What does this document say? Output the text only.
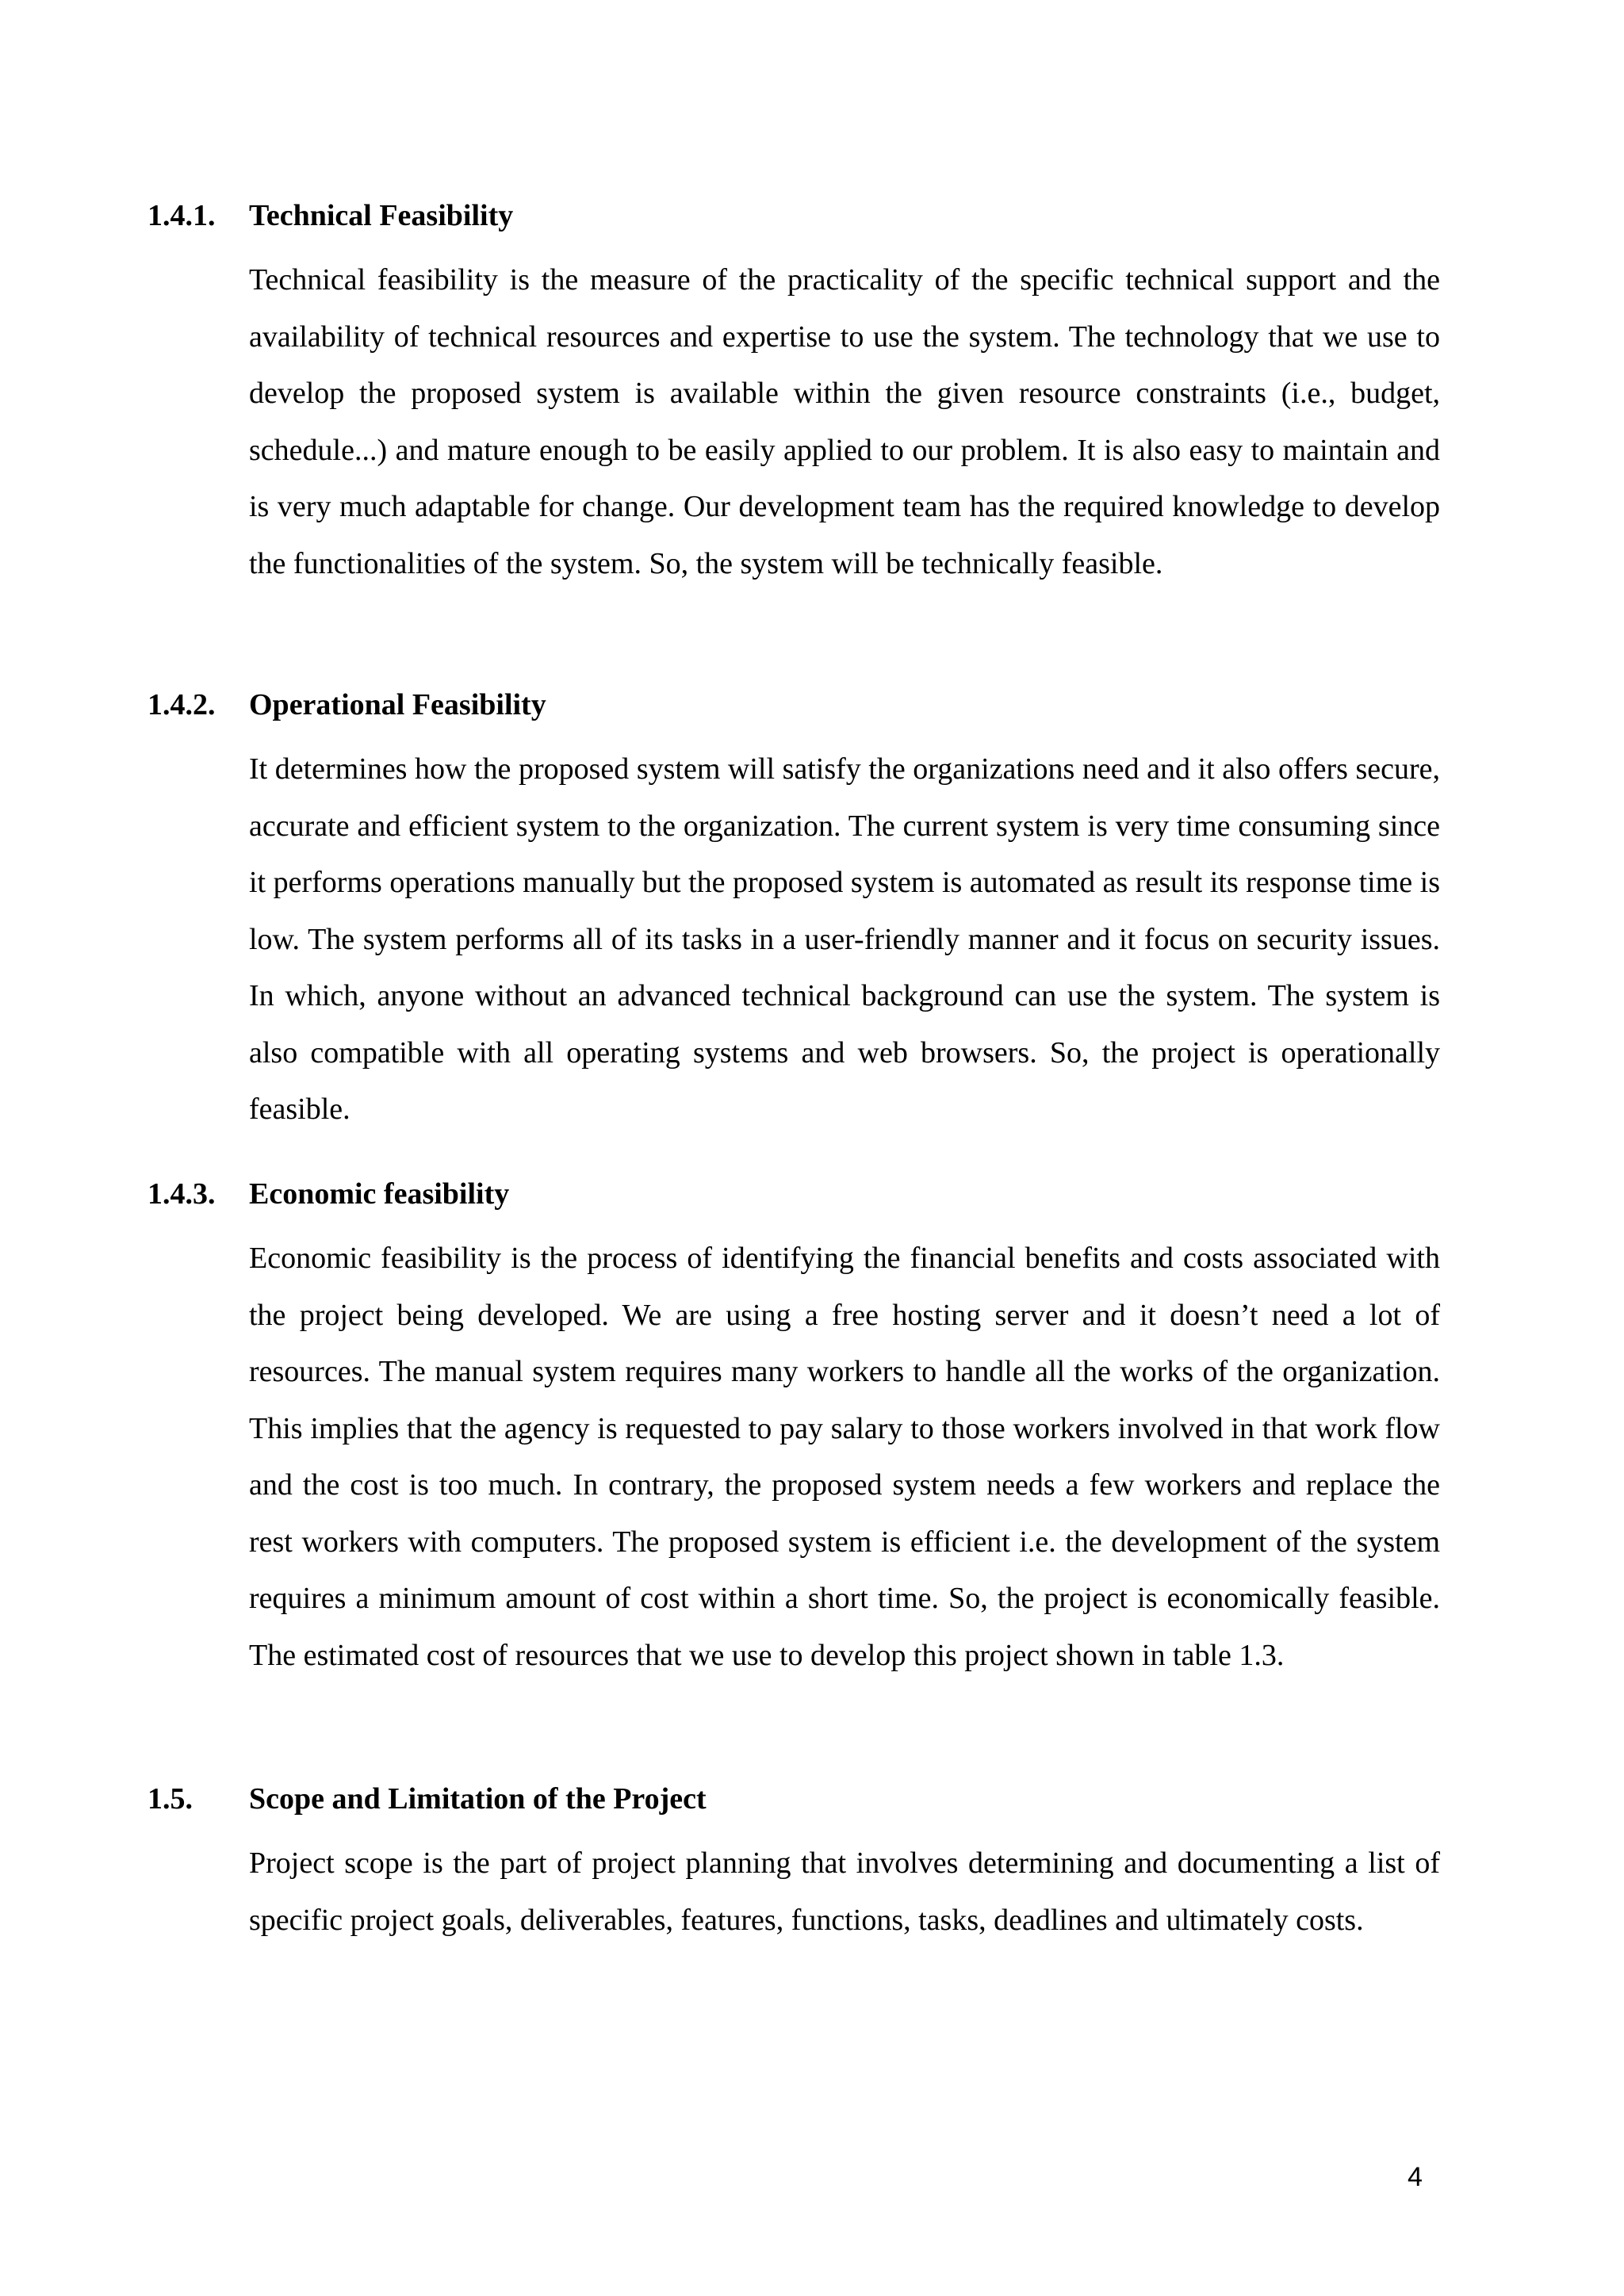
1.4.1.	Technical Feasibility

Technical feasibility is the measure of the practicality of the specific technical support and the availability of technical resources and expertise to use the system. The technology that we use to develop the proposed system is available within the given resource constraints (i.e., budget, schedule...) and mature enough to be easily applied to our problem. It is also easy to maintain and is very much adaptable for change. Our development team has the required knowledge to develop the functionalities of the system. So, the system will be technically feasible.

1.4.2.	Operational Feasibility

It determines how the proposed system will satisfy the organizations need and it also offers secure, accurate and efficient system to the organization. The current system is very time consuming since it performs operations manually but the proposed system is automated as result its response time is low. The system performs all of its tasks in a user-friendly manner and it focus on security issues. In which, anyone without an advanced technical background can use the system. The system is also compatible with all operating systems and web browsers. So, the project is operationally feasible.

1.4.3.	Economic feasibility

Economic feasibility is the process of identifying the financial benefits and costs associated with the project being developed. We are using a free hosting server and it doesn’t need a lot of resources. The manual system requires many workers to handle all the works of the organization. This implies that the agency is requested to pay salary to those workers involved in that work flow and the cost is too much. In contrary, the proposed system needs a few workers and replace the rest workers with computers. The proposed system is efficient i.e. the development of the system requires a minimum amount of cost within a short time. So, the project is economically feasible. The estimated cost of resources that we use to develop this project shown in table 1.3.

1.5.	Scope and Limitation of the Project

Project scope is the part of project planning that involves determining and documenting a list of specific project goals, deliverables, features, functions, tasks, deadlines and ultimately costs.

4
